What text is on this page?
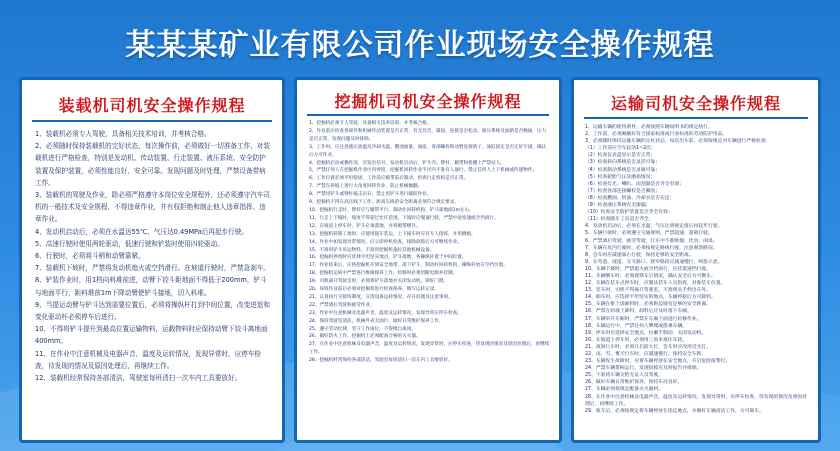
某某某矿业有限公司作业现场安全操作规程
装载机司机安全操作规程
1、装载机必须专人驾驶，具备相关技术培训，并考核合格。
2、必须随时保持装载机的完好状态，每次操作前，必须做好一切准备工作，对装载机进行严格检查，特别是发动机、传动装置、行走装置、液压系统、安全防护装置及保护装置，必须性能良好，安全可靠。发现问题及时处理，严禁设备带病工作。
3、装载机的驾驶及作业，除必须严格遵守本岗位安全规程外，还必须遵守汽车司机的一般技术及安全规程，不得违章作业，并有权拒绝和制止他人违章指挥、违章作业。
4、发动机启动后，必须在水温达55℃，气压达0.49MPa后再起步行驶。
5、高速行驶时使用两轮驱动，低速行驶和铲装时使用四轮驱动。
6、行驶时，必须将斗稍和动臂靠紧。
7、装载机下坡时，严禁将发动机熄火或空挡滑行。在坡道行驶时，严禁急刹车。
8、铲装作业时，用1档向料堆前进，动臂下铰斗距地面不得低于200mm，铲斗与地面平行，距料堆前1m下降动臂使铲斗接地，切入料堆。
9、当提运动臂与铲斗达到需要位置后，必须将操纵杆打到中间位置，改变进退和变化驱动杆必须停车后进行。
10、不得将铲斗提升到最高位置运输物料，运载物料时应保持动臂下铰斗离地面400mm。
11、在作业中注意机械及电器声音，温度及运转情况，发现异常时，应停车检查，待发现的情况及原因处理后，再继续工作。
12、装载机经常保持各部清洁，驾驶室每班清扫一次车内工具要放好。
挖掘机司机安全操作规程
1、挖掘机必须专人驾驶，具备相关技术培训，并考核合格。
2、作业前应检查各部件和机械传动装置是否正常，有无异音，紧固、连接是否松动，液压系统及油路是否畅通，压力是否正常，发现问题及时排除。
3、工作时，应注意液压油温及冷却水温、燃油油量、油质，各部螺栓和动臂连接销子、油缸固定是否完好牢固，确认后方可作业。
4、挖掘机启动或操作前，应发出信号，发动机启动后，铲斗内、臂杆、履带和机棚上严禁站人。
5、严禁任何人在挖掘机作业区内停留，挖掘机回转作业半径内不准有人通行，禁止任何人上下机械或传递物件。
6、工作位置必须平坦稳固，工作前应履带前后制动，检查行走机构是否正常。
7、严禁在斜坡上进行大角度回转作业，防止机械倾翻。
8、严禁用铲斗或臂杆敲击岩石，禁止用铲斗进行破碎作业。
9、挖掘机不得在高压线下工作，距高压线的安全距离必须符合规定要求。
10、挖掘机行走时，臂杆应与履带平行，制动住回转机构，铲斗离地面1m左右。
11、行走上下坡时，坡度不得超过允许范围，下坡时应慢速行驶，严禁中途变速或空挡滑行。
12、在坡道上停车时，铲斗必须落地，并将履带楔住。
13、挖掘机转移工地时，应使用拖车装运，上下拖车时应有专人指挥，并用跳板。
14、作业中如发现异常情况，应立即停机检查，排除故障后方可继续作业。
15、不准用铲斗吊运物料，不准用挖掘机拖拉其他机械设备。
16、挖掘机停放时应选择平坦坚实地点，铲斗落地，各操纵杆置于中间位置。
17、作业结束后，应将挖掘机开到安全地带，落下铲斗，制动好回转机构，操纵杆放在空挡位置。
18、挖掘机运转中严禁进行维修保养工作，检修时必须切断电源并挂牌。
19、司机离开驾驶室时，必须将铲斗落地并关闭发动机，锁好门窗。
20、每班作业前后必须对挖掘机进行检查保养，填写运转记录。
21、认真执行交接班制度，交清设备运转情况、存在问题及注意事项。
22、严禁酒后驾驶和疲劳作业。
23、作业中注意机械及电器声音，温度及运转情况，发现异常应停车检查。
24、保持驾驶室清洁，机械外表无油污，做好日常维护保养工作。
25、遵守劳动纪律，坚守工作岗位，不得擅自离岗。
26、做好防火工作，挖掘机上必须配备合格的灭火器。
27、在作业中注意机械及电器声音，温度及运转情况，发现异常时，应停车检查，待发现的情况及原因处理后，再继续工作。
28、挖掘机经常保持各部清洁，驾驶室每班清扫一次车内工具要放好。
运输司机安全操作规程
1、运输车辆的使用条件，必须按照车辆说明书的规定执行。
2、工作前，必须佩戴好符合国家标准或行业标准的劳动防护用品。
3、必须随时保持运输车辆的完好状态，每次出车前，必须按规定对车辆进行严格检查：
（1）工作前应空车起动1~2次；
（2）检查仪表盘显示是否正常；
（3）检查转向系统是否灵活可靠；
（4）检查制动系统是否灵敏可靠；
（5）检查轮胎气压及磨损情况；
（6）检查灯光、喇叭、雨刮器是否齐全有效；
（7）检查各部连接螺栓是否紧固；
（8）检查燃油、机油、冷却水是否充足；
（9）检查液压系统有无渗漏；
（10）检查安全防护装置是否齐全有效；
（11）检查随车工具是否齐全。
4、发动机启动后，必须在水温、气压达到规定值后再起步行驶。
5、车辆行驶时，必须遵守交通规则，严禁超速、超载行驶。
6、严禁酒后驾驶、疲劳驾驶，行车中不准吸烟、饮食、闲谈。
7、车辆在坑内行驶时，必须按规定路线行驶，注意观察路况。
8、会车时应减速靠右行驶，保持足够的安全距离。
9、在弯道、坡道、交叉路口、狭窄路段应减速慢行，鸣笛示意。
10、车辆下坡时，严禁熄火或空挡滑行，应挂低速挡行驶。
11、车辆倒车时，必须观察车后情况，确认安全后方可倒车。
12、车辆在装车点停车时，应服从装车人员指挥，对准装车位置。
13、装车时，司机不得离开驾驶室，不准将头手伸出车外。
14、卸车时，应选择平坦坚实的地点，车辆停稳后方可卸料。
15、车辆在排土场卸料时，必须距边坡有足够的安全距离。
16、严禁在斜坡上卸料，卸料后应及时落下车厢。
17、车辆举升车厢时，严禁在车厢下面进行检修作业。
18、车辆运行中，严禁任何人攀爬或搭乘车辆。
19、停车时应选择安全地点，拉紧手制动，关闭发动机。
20、在坡道上停车时，必须用三角木塞住车轮。
21、夜间行车时，必须开启前大灯，会车时应改用近光灯。
22、雨、雪、雾天行车时，应减速慢行，保持安全车距。
23、车辆发生故障时，应将车辆停放在安全地点，开启危险报警灯。
24、严禁车辆带病运行，发现故障应及时报告并排除。
25、不准将车辆交给无证人员驾驶。
26、做好车辆日常维护保养，保持车况良好。
27、车辆必须按规定配备灭火器材。
28、在作业中注意机械及电器声音，温度及运转情况，发现异常时，应停车检查，待发现的情况及原因处理后，再继续工作。
29、收车后，必须按规定将车辆停放在指定地点，并做好车辆清洁工作，方可离车。
